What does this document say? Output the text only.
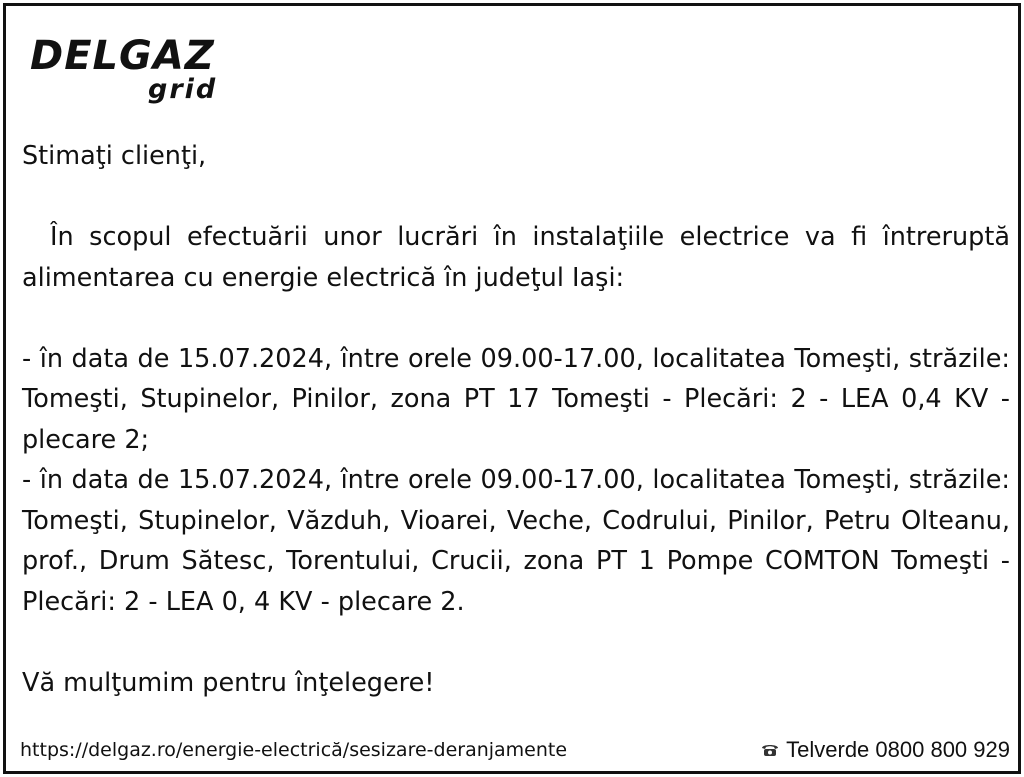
DELGAZ
grid

Stimaţi clienţi,

În scopul efectuării unor lucrări în instalaţiile electrice va fi întreruptă alimentarea cu energie electrică în judeţul Iaşi:

- în data de 15.07.2024, între orele 09.00-17.00, localitatea Tomeşti, străzile: Tomeşti, Stupinelor, Pinilor, zona PT 17 Tomeşti - Plecări: 2 - LEA 0,4 KV - plecare 2;

- în data de 15.07.2024, între orele 09.00-17.00, localitatea Tomeşti, străzile: Tomeşti, Stupinelor, Văzduh, Vioarei, Veche, Codrului, Pinilor, Petru Olteanu, prof., Drum Sătesc, Torentului, Crucii, zona PT 1 Pompe COMTON Tomeşti - Plecări: 2 - LEA 0, 4 KV - plecare 2.

Vă mulţumim pentru înţelegere!

https://delgaz.ro/energie-electrică/sesizare-deranjamente	Telverde 0800 800 929
